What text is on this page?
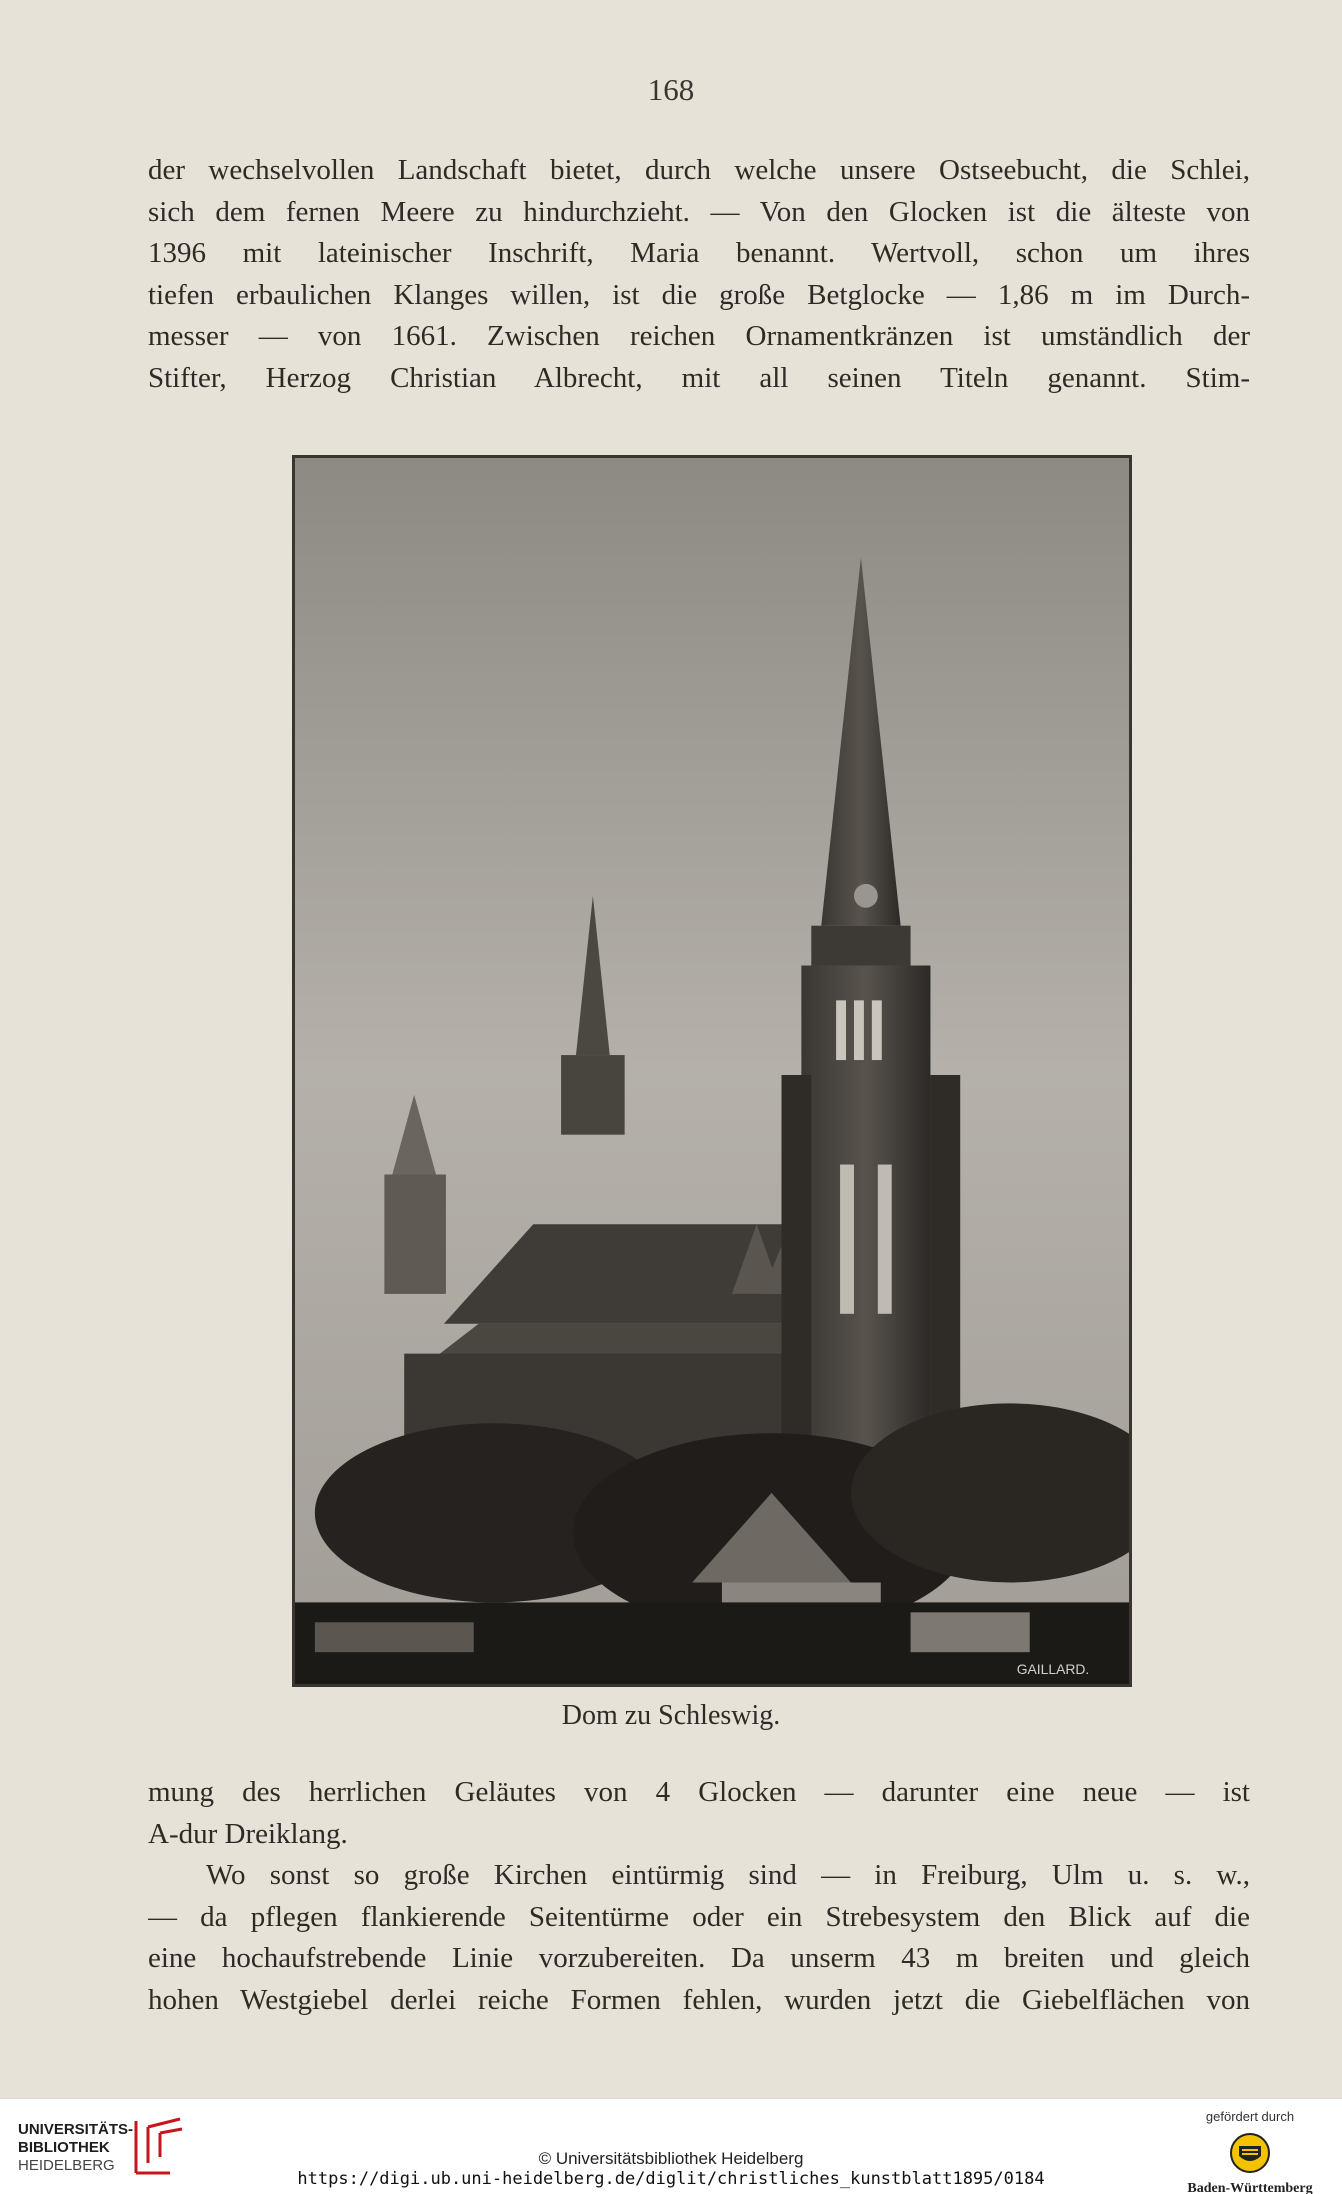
168
der wechselvollen Landschaft bietet, durch welche unsere Ostseebucht, die Schlei,
sich dem fernen Meere zu hindurchzieht. — Von den Glocken ist die älteste von
1396 mit lateinischer Inschrift, Maria benannt. Wertvoll, schon um ihres
tiefen erbaulichen Klanges willen, ist die große Betglocke — 1,86 m im Durch-
messer — von 1661. Zwischen reichen Ornamentkränzen ist umständlich der
Stifter, Herzog Christian Albrecht, mit all seinen Titeln genannt. Stim-
GAILLARD.
Dom zu Schleswig.
mung des herrlichen Geläutes von 4 Glocken — darunter eine neue — ist
A-dur Dreiklang.
Wo sonst so große Kirchen eintürmig sind — in Freiburg, Ulm u. s. w.,
— da pflegen flankierende Seitentürme oder ein Strebesystem den Blick auf die
eine hochaufstrebende Linie vorzubereiten. Da unserm 43 m breiten und gleich
hohen Westgiebel derlei reiche Formen fehlen, wurden jetzt die Giebelflächen von
UNIVERSITÄTS-
BIBLIOTHEK
HEIDELBERG	© Universitätsbibliothek Heidelberg
https://digi.ub.uni-heidelberg.de/diglit/christliches_kunstblatt1895/0184
gefördert durch
Baden-Württemberg
